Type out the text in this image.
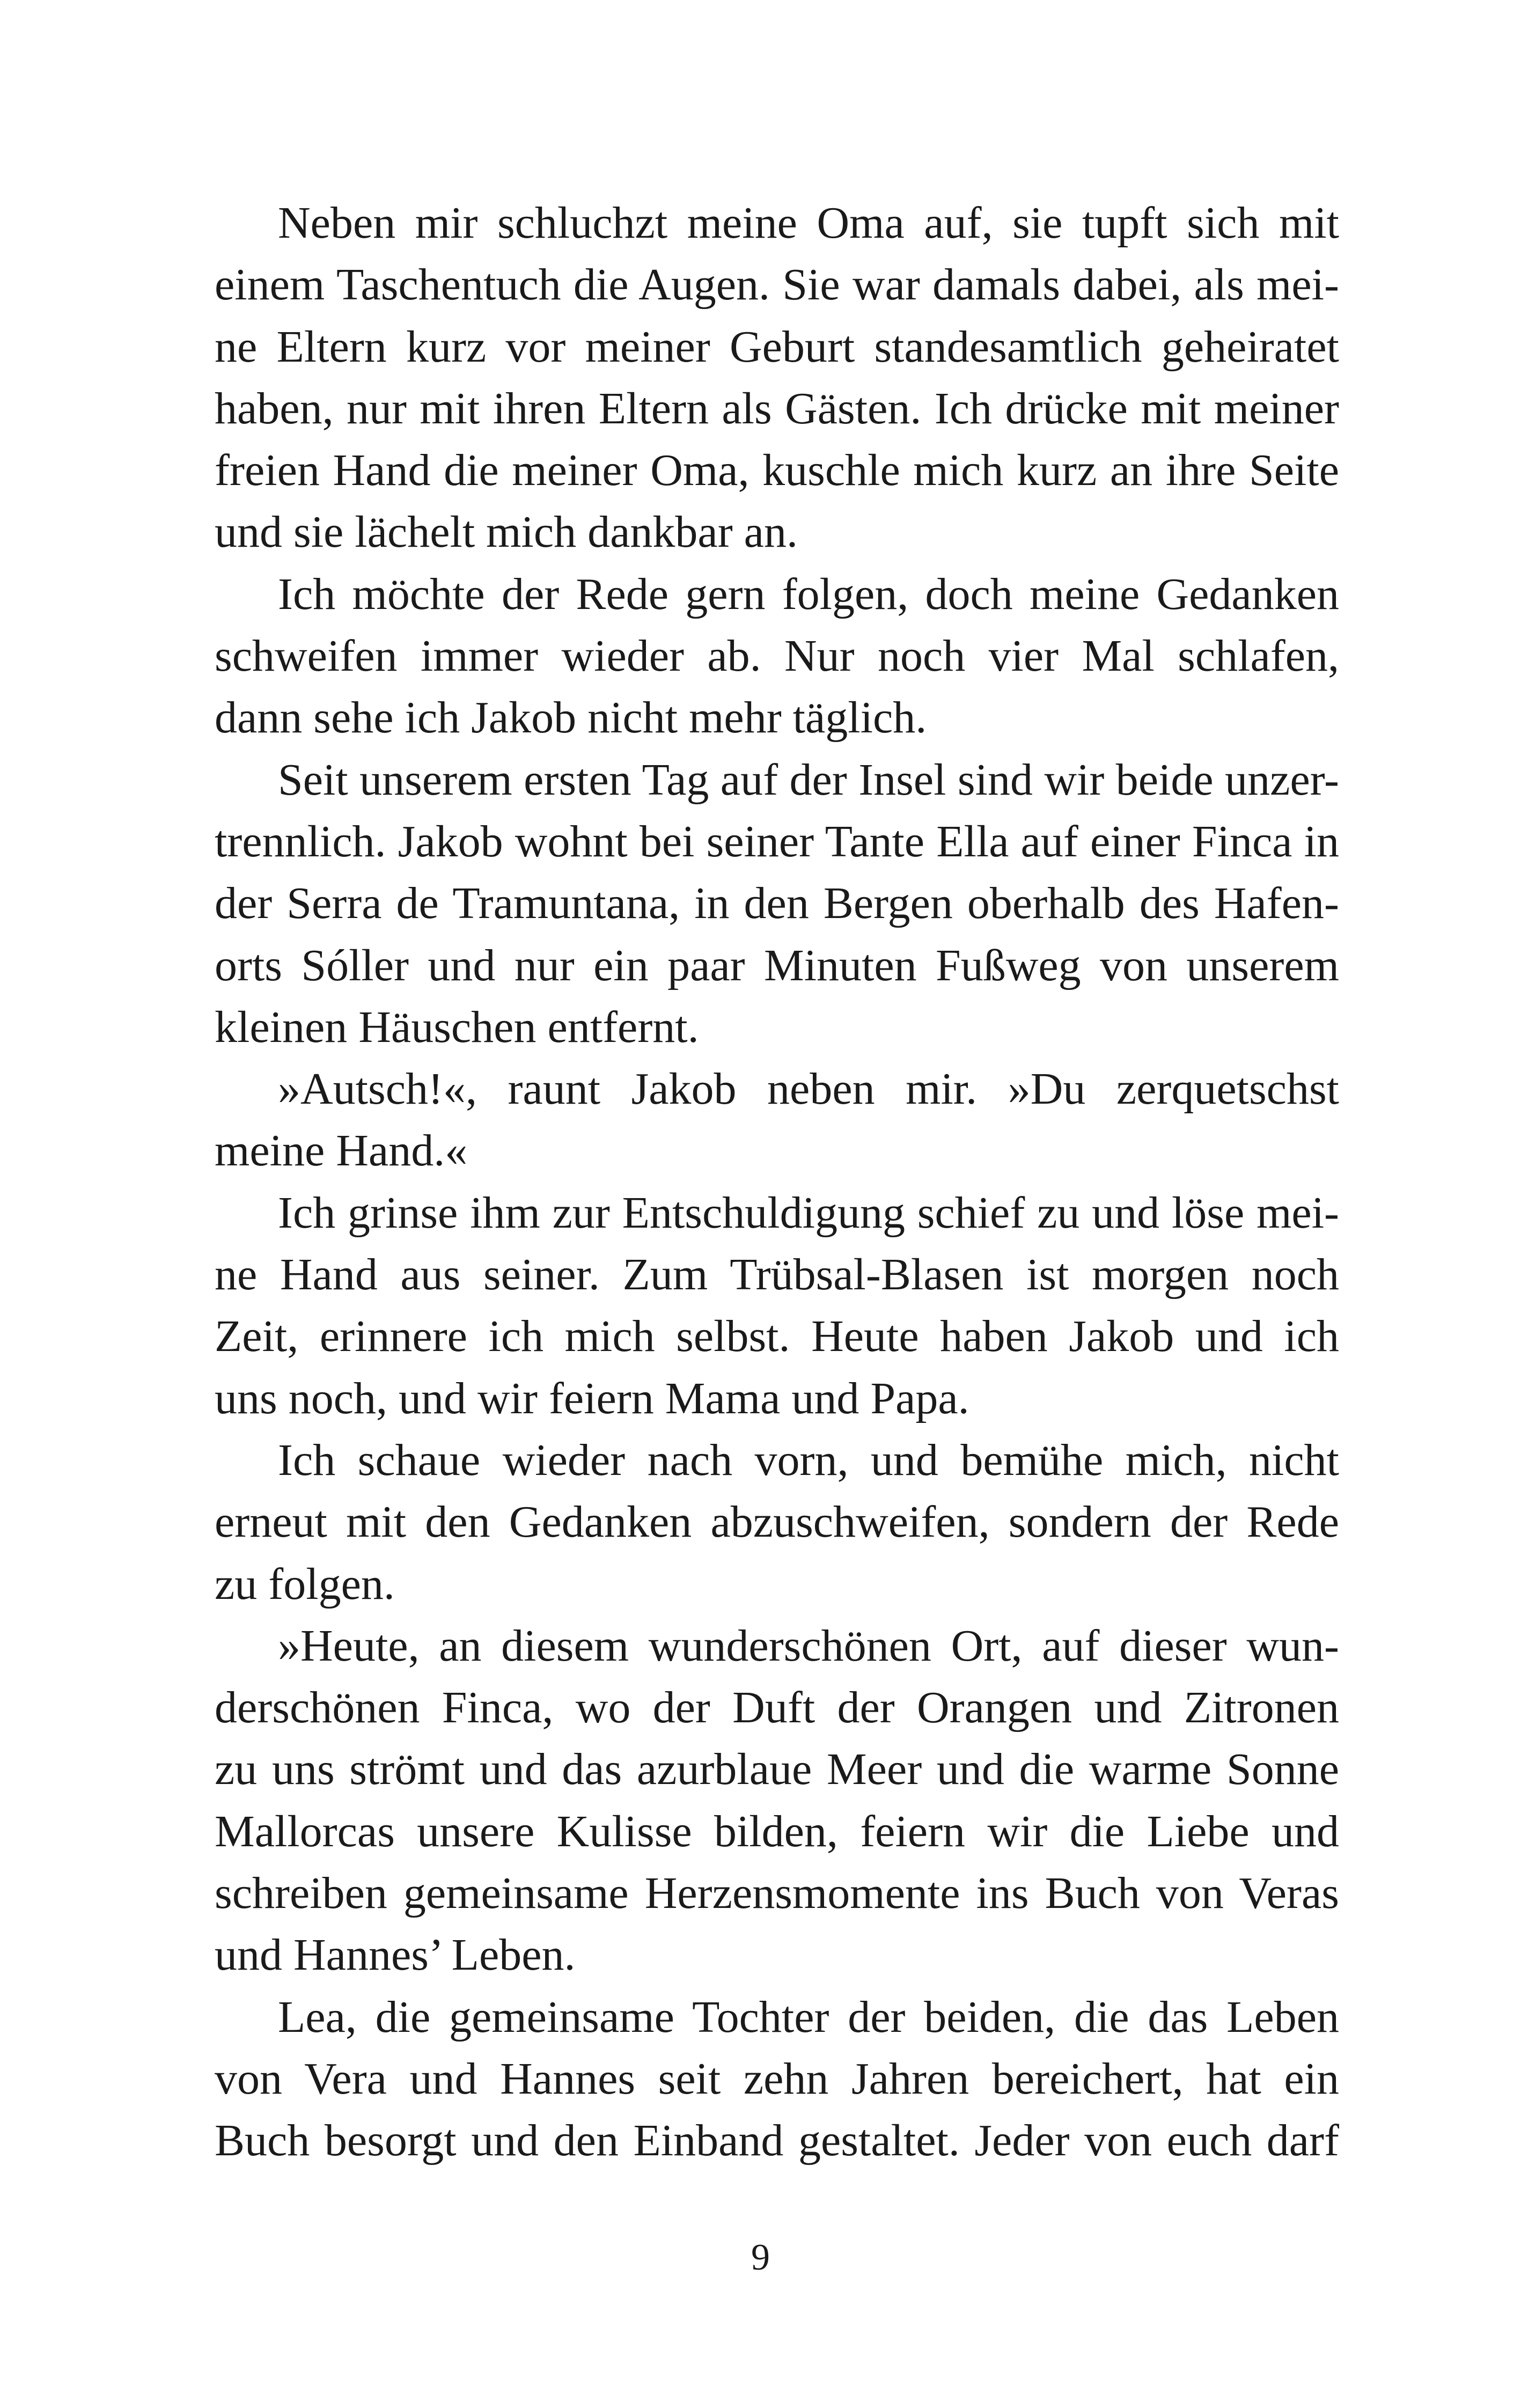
Neben mir schluchzt meine Oma auf, sie tupft sich mit
einem Taschentuch die Augen. Sie war damals dabei, als mei-
ne Eltern kurz vor meiner Geburt standesamtlich geheiratet
haben, nur mit ihren Eltern als Gästen. Ich drücke mit meiner
freien Hand die meiner Oma, kuschle mich kurz an ihre Seite
und sie lächelt mich dankbar an.
Ich möchte der Rede gern folgen, doch meine Gedanken
schweifen immer wieder ab. Nur noch vier Mal schlafen,
dann sehe ich Jakob nicht mehr täglich.
Seit unserem ersten Tag auf der Insel sind wir beide unzer-
trennlich. Jakob wohnt bei seiner Tante Ella auf einer Finca in
der Serra de Tramuntana, in den Bergen oberhalb des Hafen-
orts Sóller und nur ein paar Minuten Fußweg von unserem
kleinen Häuschen entfernt.
»Autsch!«, raunt Jakob neben mir. »Du zerquetschst
meine Hand.«
Ich grinse ihm zur Entschuldigung schief zu und löse mei-
ne Hand aus seiner. Zum Trübsal-Blasen ist morgen noch
Zeit, erinnere ich mich selbst. Heute haben Jakob und ich
uns noch, und wir feiern Mama und Papa.
Ich schaue wieder nach vorn, und bemühe mich, nicht
erneut mit den Gedanken abzuschweifen, sondern der Rede
zu folgen.
»Heute, an diesem wunderschönen Ort, auf dieser wun-
derschönen Finca, wo der Duft der Orangen und Zitronen
zu uns strömt und das azurblaue Meer und die warme Sonne
Mallorcas unsere Kulisse bilden, feiern wir die Liebe und
schreiben gemeinsame Herzensmomente ins Buch von Veras
und Hannes’ Leben.
Lea, die gemeinsame Tochter der beiden, die das Leben
von Vera und Hannes seit zehn Jahren bereichert, hat ein
Buch besorgt und den Einband gestaltet. Jeder von euch darf
9
